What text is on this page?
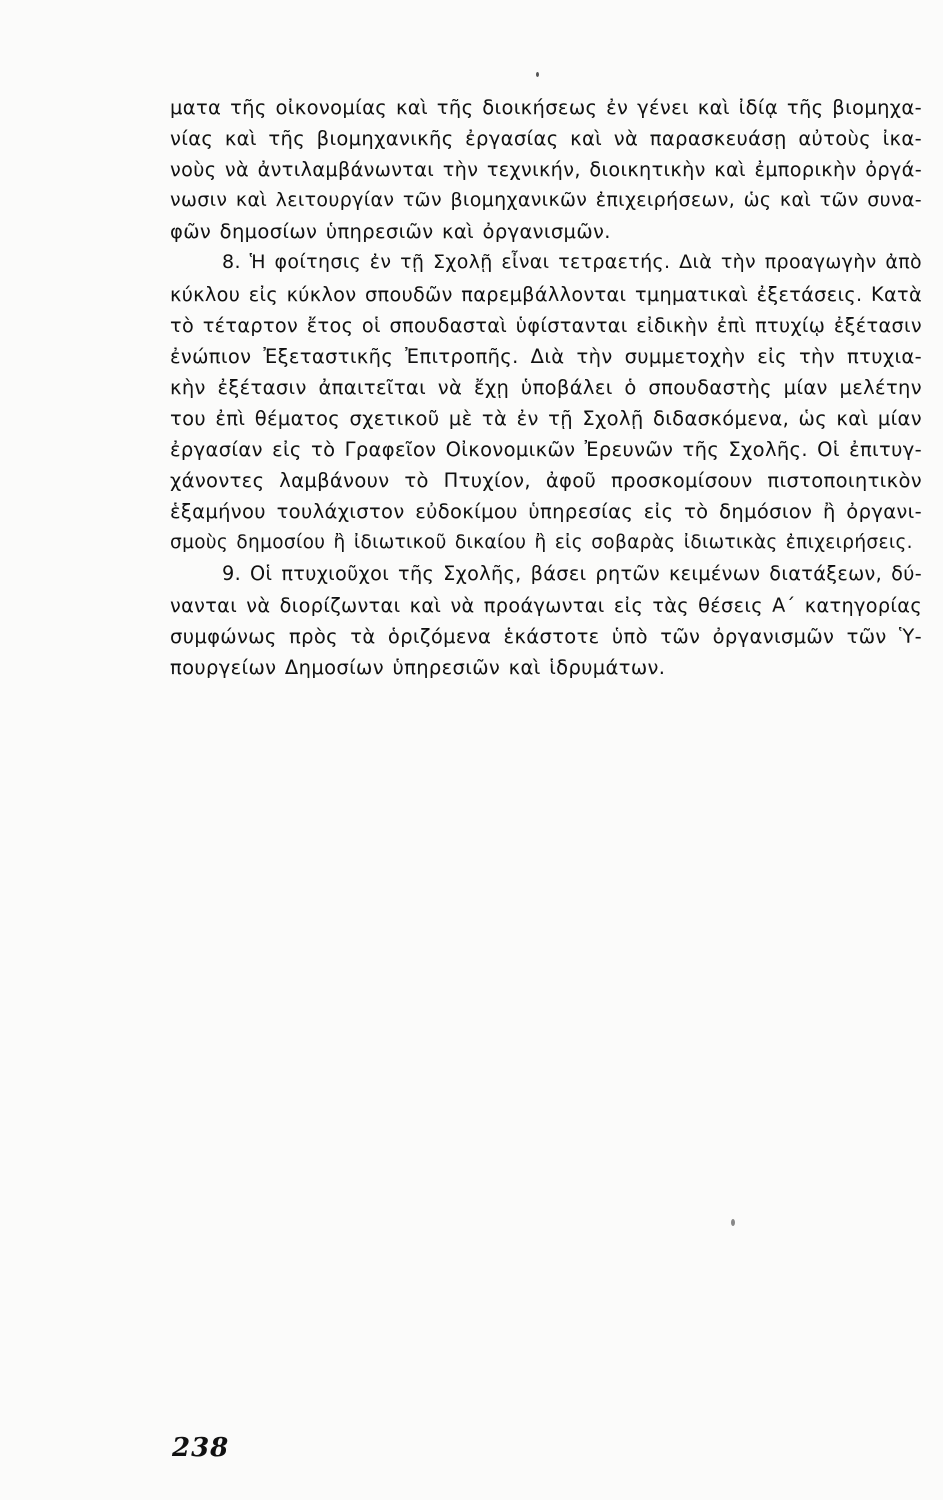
ματα τῆς οἰκονομίας καὶ τῆς διοικήσεως ἐν γένει καὶ ἰδίᾳ τῆς βιομηχα-
νίας καὶ τῆς βιομηχανικῆς ἐργασίας καὶ νὰ παρασκευάσῃ αὐτοὺς ἰκα-
νοὺς νὰ ἀντιλαμβάνωνται τὴν τεχνικήν, διοικητικὴν καὶ ἐμπορικὴν ὀργά-
νωσιν καὶ λειτουργίαν τῶν βιομηχανικῶν ἐπιχειρήσεων, ὡς καὶ τῶν συνα-
φῶν δημοσίων ὑπηρεσιῶν καὶ ὀργανισμῶν.
8. Ἡ φοίτησις ἐν τῇ Σχολῇ εἶναι τετραετής. Διὰ τὴν προαγωγὴν ἀπὸ
κύκλου εἰς κύκλον σπουδῶν παρεμβάλλονται τμηματικαὶ ἐξετάσεις. Κατὰ
τὸ τέταρτον ἔτος οἱ σπουδασταὶ ὑφίστανται εἰδικὴν ἐπὶ πτυχίῳ ἐξέτασιν
ἐνώπιον Ἐξεταστικῆς Ἐπιτροπῆς. Διὰ τὴν συμμετοχὴν εἰς τὴν πτυχια-
κὴν ἐξέτασιν ἀπαιτεῖται νὰ ἔχῃ ὑποβάλει ὁ σπουδαστὴς μίαν μελέτην
του ἐπὶ θέματος σχετικοῦ μὲ τὰ ἐν τῇ Σχολῇ διδασκόμενα, ὡς καὶ μίαν
ἐργασίαν εἰς τὸ Γραφεῖον Οἰκονομικῶν Ἐρευνῶν τῆς Σχολῆς. Οἱ ἐπιτυγ-
χάνοντες λαμβάνουν τὸ Πτυχίον, ἀφοῦ προσκομίσουν πιστοποιητικὸν
ἑξαμήνου τουλάχιστον εὐδοκίμου ὑπηρεσίας εἰς τὸ δημόσιον ἢ ὀργανι-
σμοὺς δημοσίου ἢ ἰδιωτικοῦ δικαίου ἢ εἰς σοβαρὰς ἰδιωτικὰς ἐπιχειρήσεις.
9. Οἱ πτυχιοῦχοι τῆς Σχολῆς, βάσει ρητῶν κειμένων διατάξεων, δύ-
νανται νὰ διορίζωνται καὶ νὰ προάγωνται εἰς τὰς θέσεις Α΄ κατηγορίας
συμφώνως πρὸς τὰ ὁριζόμενα ἑκάστοτε ὑπὸ τῶν ὀργανισμῶν τῶν Ὑ-
πουργείων Δημοσίων ὑπηρεσιῶν καὶ ἱδρυμάτων.
238
